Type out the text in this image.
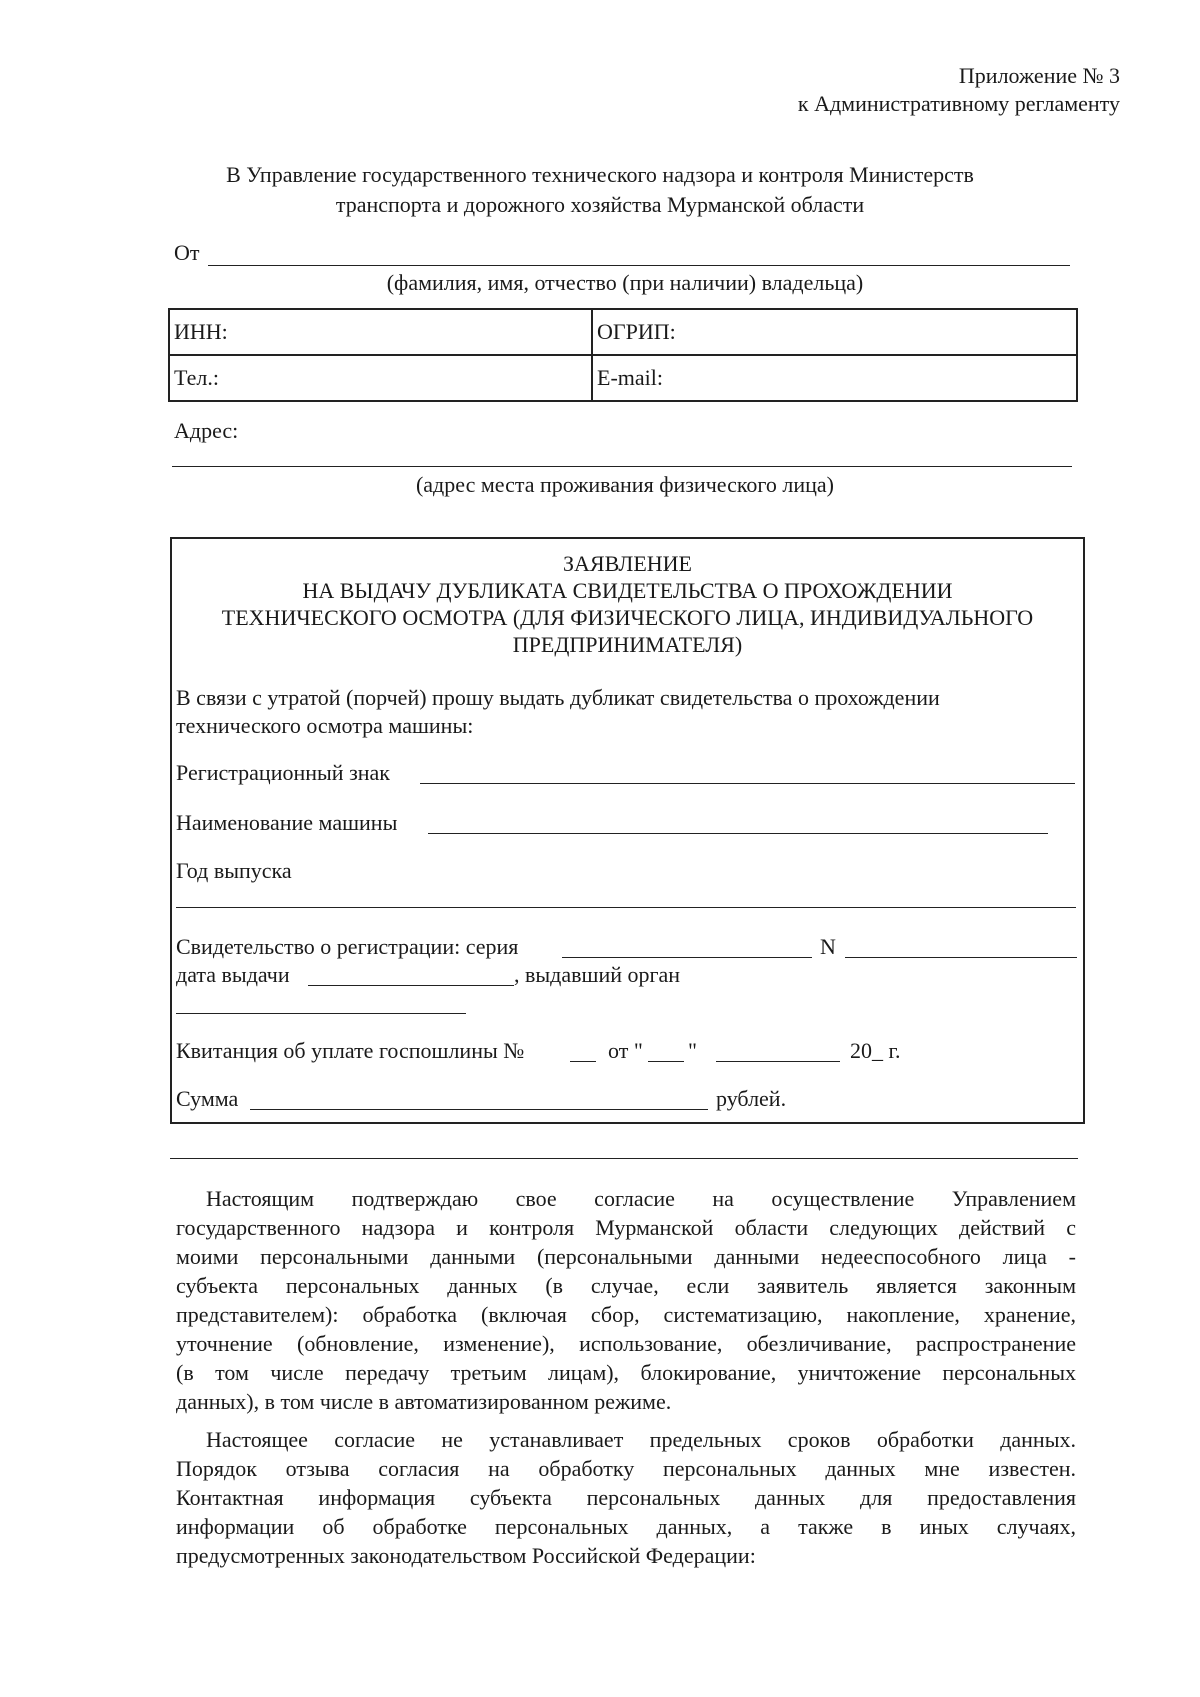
Приложение № 3
к Административному регламенту
В Управление государственного технического надзора и контроля Министерств
транспорта и дорожного хозяйства Мурманской области
От
(фамилия, имя, отчество (при наличии) владельца)
ИНН:	ОГРИП:
Тел.:	E-mail:
Адрес:
(адрес места проживания физического лица)
ЗАЯВЛЕНИЕ
НА ВЫДАЧУ ДУБЛИКАТА СВИДЕТЕЛЬСТВА О ПРОХОЖДЕНИИ
ТЕХНИЧЕСКОГО ОСМОТРА (ДЛЯ ФИЗИЧЕСКОГО ЛИЦА, ИНДИВИДУАЛЬНОГО
ПРЕДПРИНИМАТЕЛЯ)
В связи с утратой (порчей) прошу выдать дубликат свидетельства о прохождении
технического осмотра машины:
Регистрационный знак
Наименование машины
Год выпуска
Свидетельство о регистрации: серия	N
дата выдачи	, выдавший орган
Квитанция об уплате госпошлины №	от " "	20_ г.
Сумма	рублей.
Настоящим подтверждаю свое согласие на осуществление Управлением
государственного надзора и контроля Мурманской области следующих действий с
моими персональными данными (персональными данными недееспособного лица -
субъекта персональных данных (в случае, если заявитель является законным
представителем): обработка (включая сбор, систематизацию, накопление, хранение,
уточнение (обновление, изменение), использование, обезличивание, распространение
(в том числе передачу третьим лицам), блокирование, уничтожение персональных
данных), в том числе в автоматизированном режиме.
Настоящее согласие не устанавливает предельных сроков обработки данных.
Порядок отзыва согласия на обработку персональных данных мне известен.
Контактная информация субъекта персональных данных для предоставления
информации об обработке персональных данных, а также в иных случаях,
предусмотренных законодательством Российской Федерации:
